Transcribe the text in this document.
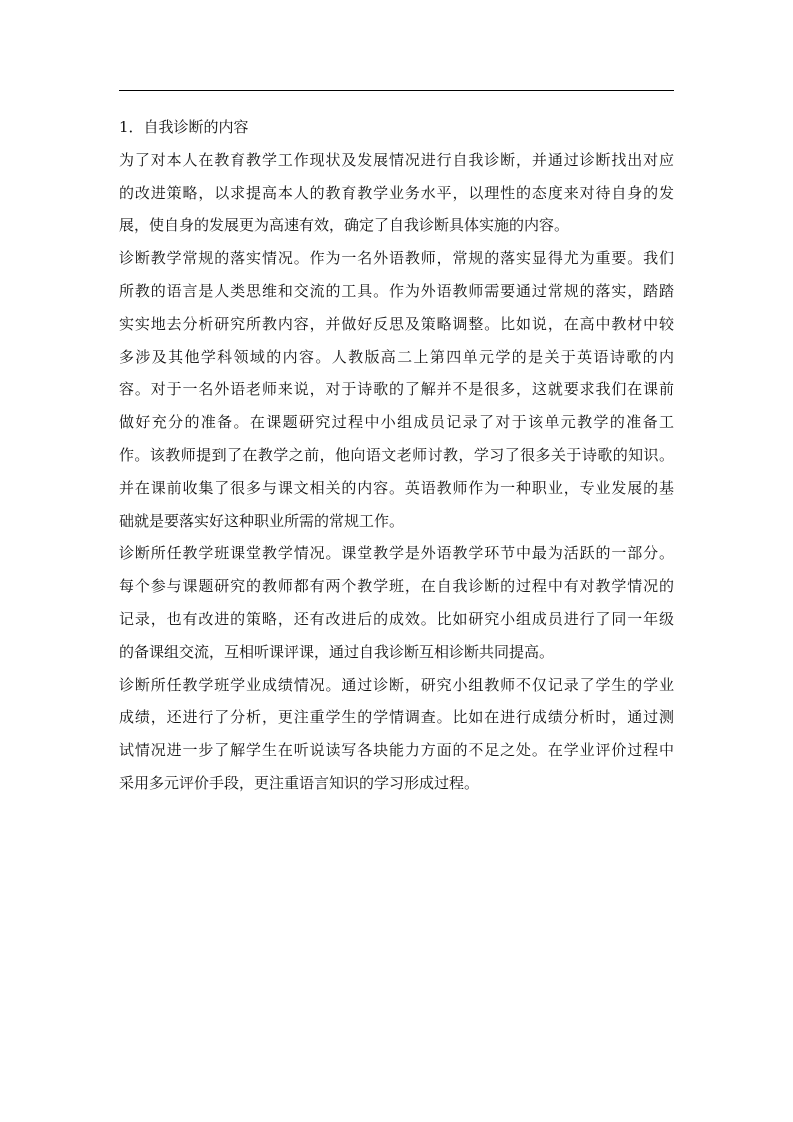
1．自我诊断的内容
为了对本人在教育教学工作现状及发展情况进行自我诊断，并通过诊断找出对应
的改进策略，以求提高本人的教育教学业务水平，以理性的态度来对待自身的发
展，使自身的发展更为高速有效，确定了自我诊断具体实施的内容。
诊断教学常规的落实情况。作为一名外语教师，常规的落实显得尤为重要。我们
所教的语言是人类思维和交流的工具。作为外语教师需要通过常规的落实，踏踏
实实地去分析研究所教内容，并做好反思及策略调整。比如说，在高中教材中较
多涉及其他学科领域的内容。人教版高二上第四单元学的是关于英语诗歌的内
容。对于一名外语老师来说，对于诗歌的了解并不是很多，这就要求我们在课前
做好充分的准备。在课题研究过程中小组成员记录了对于该单元教学的准备工
作。该教师提到了在教学之前，他向语文老师讨教，学习了很多关于诗歌的知识。
并在课前收集了很多与课文相关的内容。英语教师作为一种职业，专业发展的基
础就是要落实好这种职业所需的常规工作。
诊断所任教学班课堂教学情况。课堂教学是外语教学环节中最为活跃的一部分。
每个参与课题研究的教师都有两个教学班，在自我诊断的过程中有对教学情况的
记录，也有改进的策略，还有改进后的成效。比如研究小组成员进行了同一年级
的备课组交流，互相听课评课，通过自我诊断互相诊断共同提高。
诊断所任教学班学业成绩情况。通过诊断，研究小组教师不仅记录了学生的学业
成绩，还进行了分析，更注重学生的学情调查。比如在进行成绩分析时，通过测
试情况进一步了解学生在听说读写各块能力方面的不足之处。在学业评价过程中
采用多元评价手段，更注重语言知识的学习形成过程。
